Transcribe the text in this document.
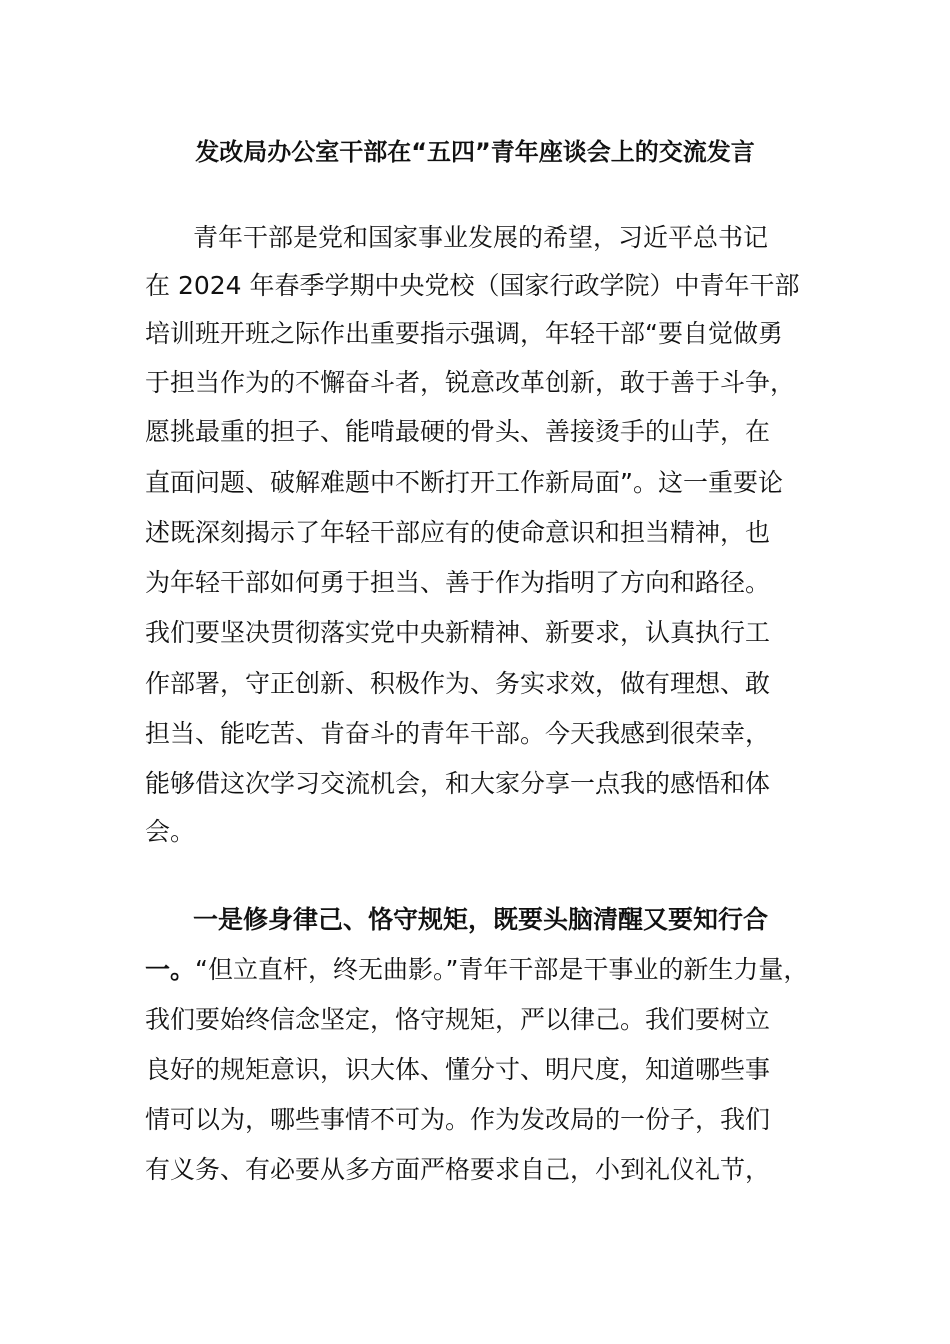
发改局办公室干部在“五四”青年座谈会上的交流发言

青年干部是党和国家事业发展的希望，习近平总书记

在 2024 年春季学期中央党校（国家行政学院）中青年干部

培训班开班之际作出重要指示强调，年轻干部“要自觉做勇

于担当作为的不懈奋斗者，锐意改革创新，敢于善于斗争，

愿挑最重的担子、能啃最硬的骨头、善接烫手的山芋，在

直面问题、破解难题中不断打开工作新局面”。这一重要论

述既深刻揭示了年轻干部应有的使命意识和担当精神，也

为年轻干部如何勇于担当、善于作为指明了方向和路径。

我们要坚决贯彻落实党中央新精神、新要求，认真执行工

作部署，守正创新、积极作为、务实求效，做有理想、敢

担当、能吃苦、肯奋斗的青年干部。今天我感到很荣幸，

能够借这次学习交流机会，和大家分享一点我的感悟和体

会。

一是修身律己、恪守规矩，既要头脑清醒又要知行合

一。“但立直杆，终无曲影。”青年干部是干事业的新生力量，

我们要始终信念坚定，恪守规矩，严以律己。我们要树立

良好的规矩意识，识大体、懂分寸、明尺度，知道哪些事

情可以为，哪些事情不可为。作为发改局的一份子，我们

有义务、有必要从多方面严格要求自己，小到礼仪礼节，
